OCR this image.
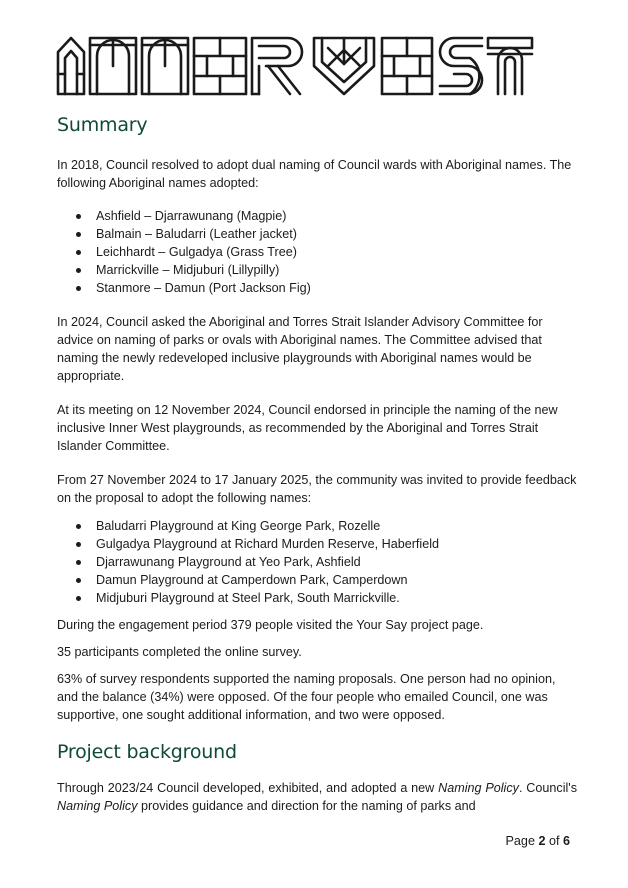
Summary

In 2018, Council resolved to adopt dual naming of Council wards with Aboriginal names. The following Aboriginal names adopted:

Ashfield – Djarrawunang (Magpie)
Balmain – Baludarri (Leather jacket)
Leichhardt – Gulgadya (Grass Tree)
Marrickville – Midjuburi (Lillypilly)
Stanmore – Damun (Port Jackson Fig)

In 2024, Council asked the Aboriginal and Torres Strait Islander Advisory Committee for advice on naming of parks or ovals with Aboriginal names. The Committee advised that naming the newly redeveloped inclusive playgrounds with Aboriginal names would be appropriate.

At its meeting on 12 November 2024, Council endorsed in principle the naming of the new inclusive Inner West playgrounds, as recommended by the Aboriginal and Torres Strait Islander Committee.

From 27 November 2024 to 17 January 2025, the community was invited to provide feedback on the proposal to adopt the following names:

Baludarri Playground at King George Park, Rozelle
Gulgadya Playground at Richard Murden Reserve, Haberfield
Djarrawunang Playground at Yeo Park, Ashfield
Damun Playground at Camperdown Park, Camperdown
Midjuburi Playground at Steel Park, South Marrickville.

During the engagement period 379 people visited the Your Say project page.

35 participants completed the online survey.

63% of survey respondents supported the naming proposals. One person had no opinion, and the balance (34%) were opposed. Of the four people who emailed Council, one was supportive, one sought additional information, and two were opposed.

Project background

Through 2023/24 Council developed, exhibited, and adopted a new Naming Policy. Council's Naming Policy provides guidance and direction for the naming of parks and

Page 2 of 6
